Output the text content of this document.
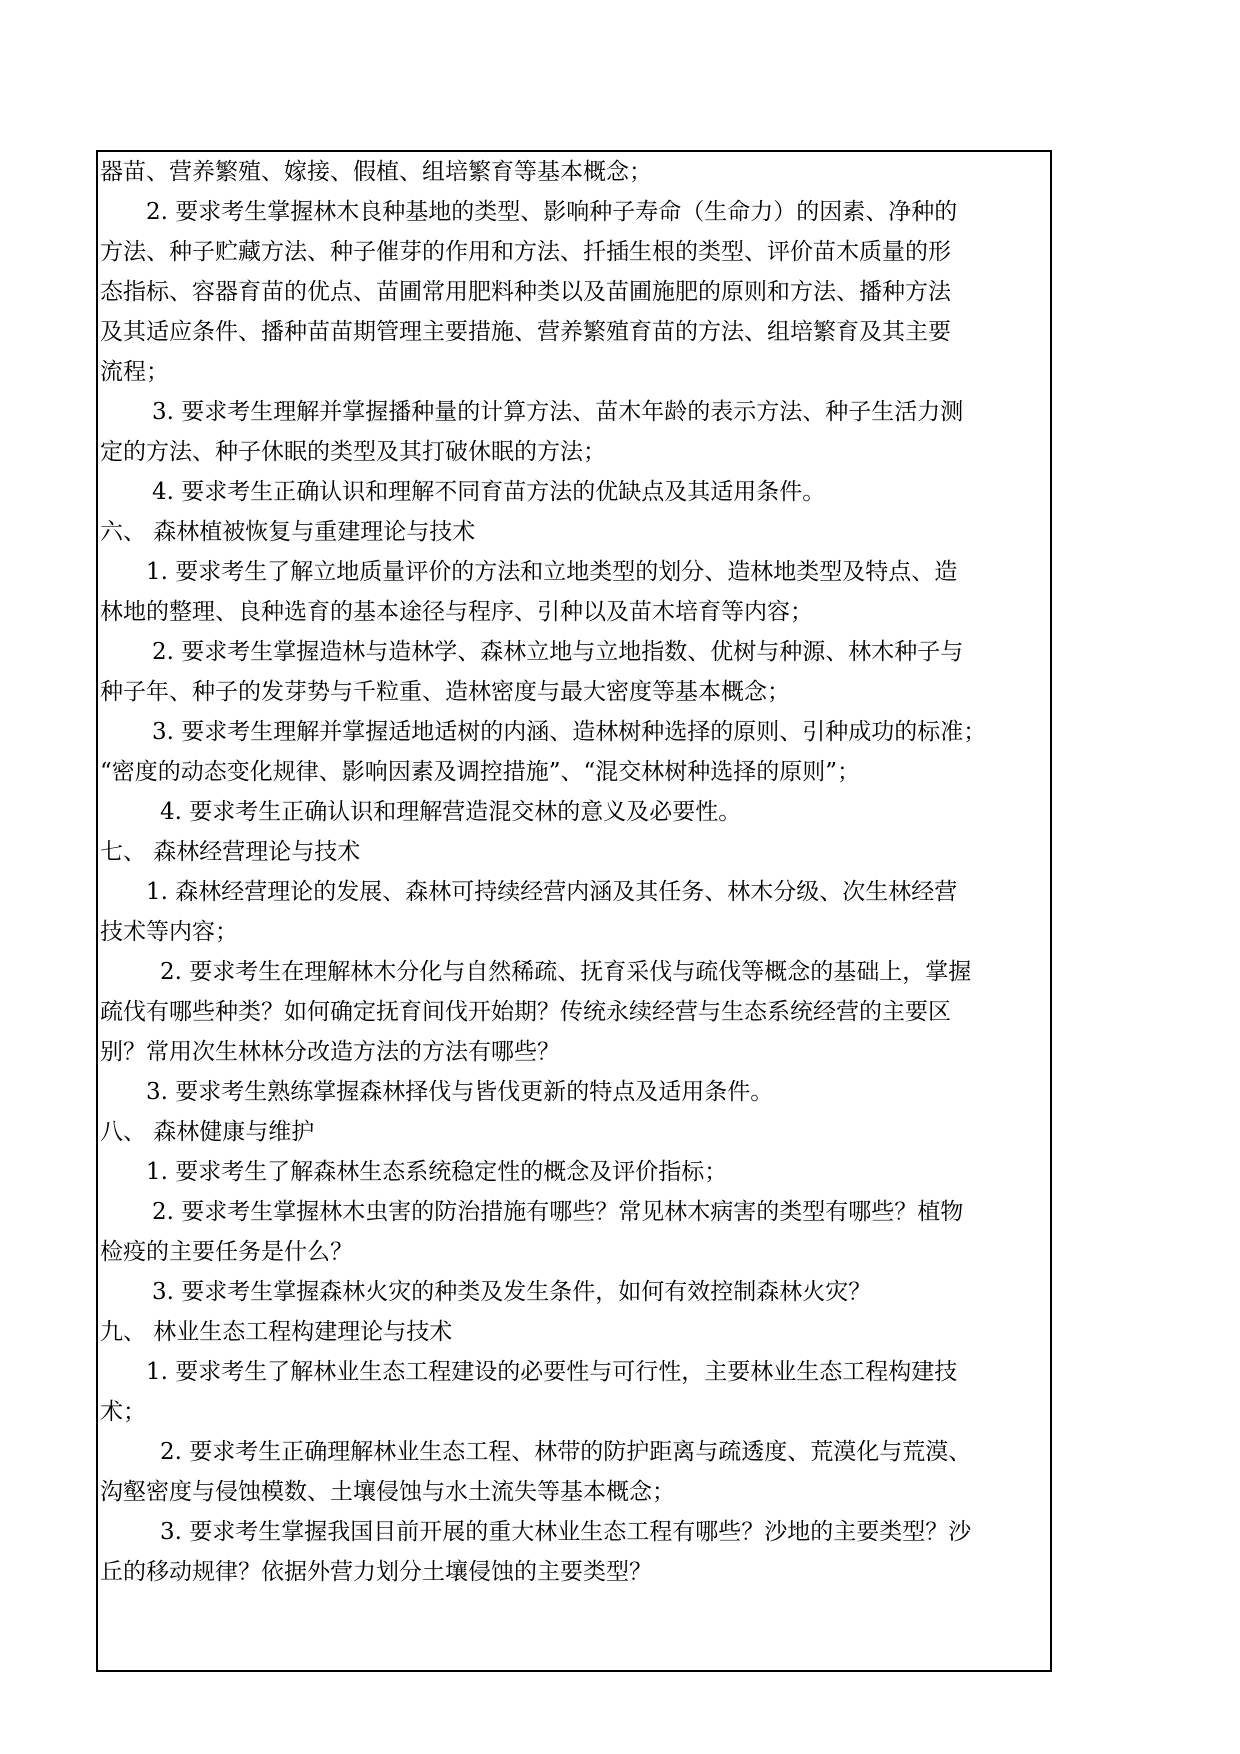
器苗、营养繁殖、嫁接、假植、组培繁育等基本概念；
2. 要求考生掌握林木良种基地的类型、影响种子寿命（生命力）的因素、净种的
方法、种子贮藏方法、种子催芽的作用和方法、扦插生根的类型、评价苗木质量的形
态指标、容器育苗的优点、苗圃常用肥料种类以及苗圃施肥的原则和方法、播种方法
及其适应条件、播种苗苗期管理主要措施、营养繁殖育苗的方法、组培繁育及其主要
流程；
3. 要求考生理解并掌握播种量的计算方法、苗木年龄的表示方法、种子生活力测
定的方法、种子休眠的类型及其打破休眠的方法；
4. 要求考生正确认识和理解不同育苗方法的优缺点及其适用条件。
六、 森林植被恢复与重建理论与技术
1. 要求考生了解立地质量评价的方法和立地类型的划分、造林地类型及特点、造
林地的整理、良种选育的基本途径与程序、引种以及苗木培育等内容；
2. 要求考生掌握造林与造林学、森林立地与立地指数、优树与种源、林木种子与
种子年、种子的发芽势与千粒重、造林密度与最大密度等基本概念；
3. 要求考生理解并掌握适地适树的内涵、造林树种选择的原则、引种成功的标准；
“密度的动态变化规律、影响因素及调控措施”、“混交林树种选择的原则”；
4. 要求考生正确认识和理解营造混交林的意义及必要性。
七、 森林经营理论与技术
1. 森林经营理论的发展、森林可持续经营内涵及其任务、林木分级、次生林经营
技术等内容；
2. 要求考生在理解林木分化与自然稀疏、抚育采伐与疏伐等概念的基础上，掌握
疏伐有哪些种类？如何确定抚育间伐开始期？传统永续经营与生态系统经营的主要区
别？常用次生林林分改造方法的方法有哪些？
3. 要求考生熟练掌握森林择伐与皆伐更新的特点及适用条件。
八、 森林健康与维护
1. 要求考生了解森林生态系统稳定性的概念及评价指标；
2. 要求考生掌握林木虫害的防治措施有哪些？常见林木病害的类型有哪些？植物
检疫的主要任务是什么？
3. 要求考生掌握森林火灾的种类及发生条件，如何有效控制森林火灾？
九、 林业生态工程构建理论与技术
1. 要求考生了解林业生态工程建设的必要性与可行性，主要林业生态工程构建技
术；
2. 要求考生正确理解林业生态工程、林带的防护距离与疏透度、荒漠化与荒漠、
沟壑密度与侵蚀模数、土壤侵蚀与水土流失等基本概念；
3. 要求考生掌握我国目前开展的重大林业生态工程有哪些？沙地的主要类型？沙
丘的移动规律？依据外营力划分土壤侵蚀的主要类型？
